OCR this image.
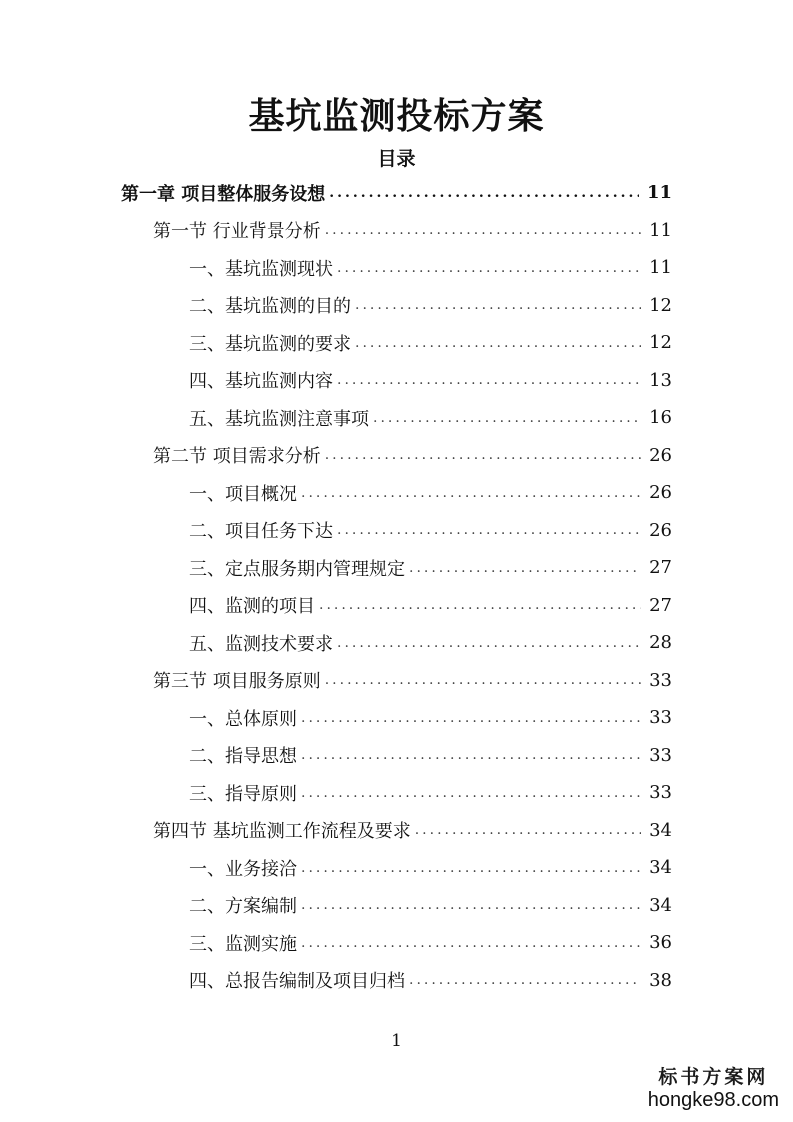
基坑监测投标方案
目录
第一章 项目整体服务设想 .....	11
第一节 行业背景分析 .....	11
一、基坑监测现状 .....	11
二、基坑监测的目的 .....	12
三、基坑监测的要求 .....	12
四、基坑监测内容 .....	13
五、基坑监测注意事项 .....	16
第二节 项目需求分析 .....	26
一、项目概况 .....	26
二、项目任务下达 .....	26
三、定点服务期内管理规定 .....	27
四、监测的项目 .....	27
五、监测技术要求 .....	28
第三节 项目服务原则 .....	33
一、总体原则 .....	33
二、指导思想 .....	33
三、指导原则 .....	33
第四节 基坑监测工作流程及要求 .....	34
一、业务接洽 .....	34
二、方案编制 .....	34
三、监测实施 .....	36
四、总报告编制及项目归档 .....	38
1
标书方案网
hongke98.com
